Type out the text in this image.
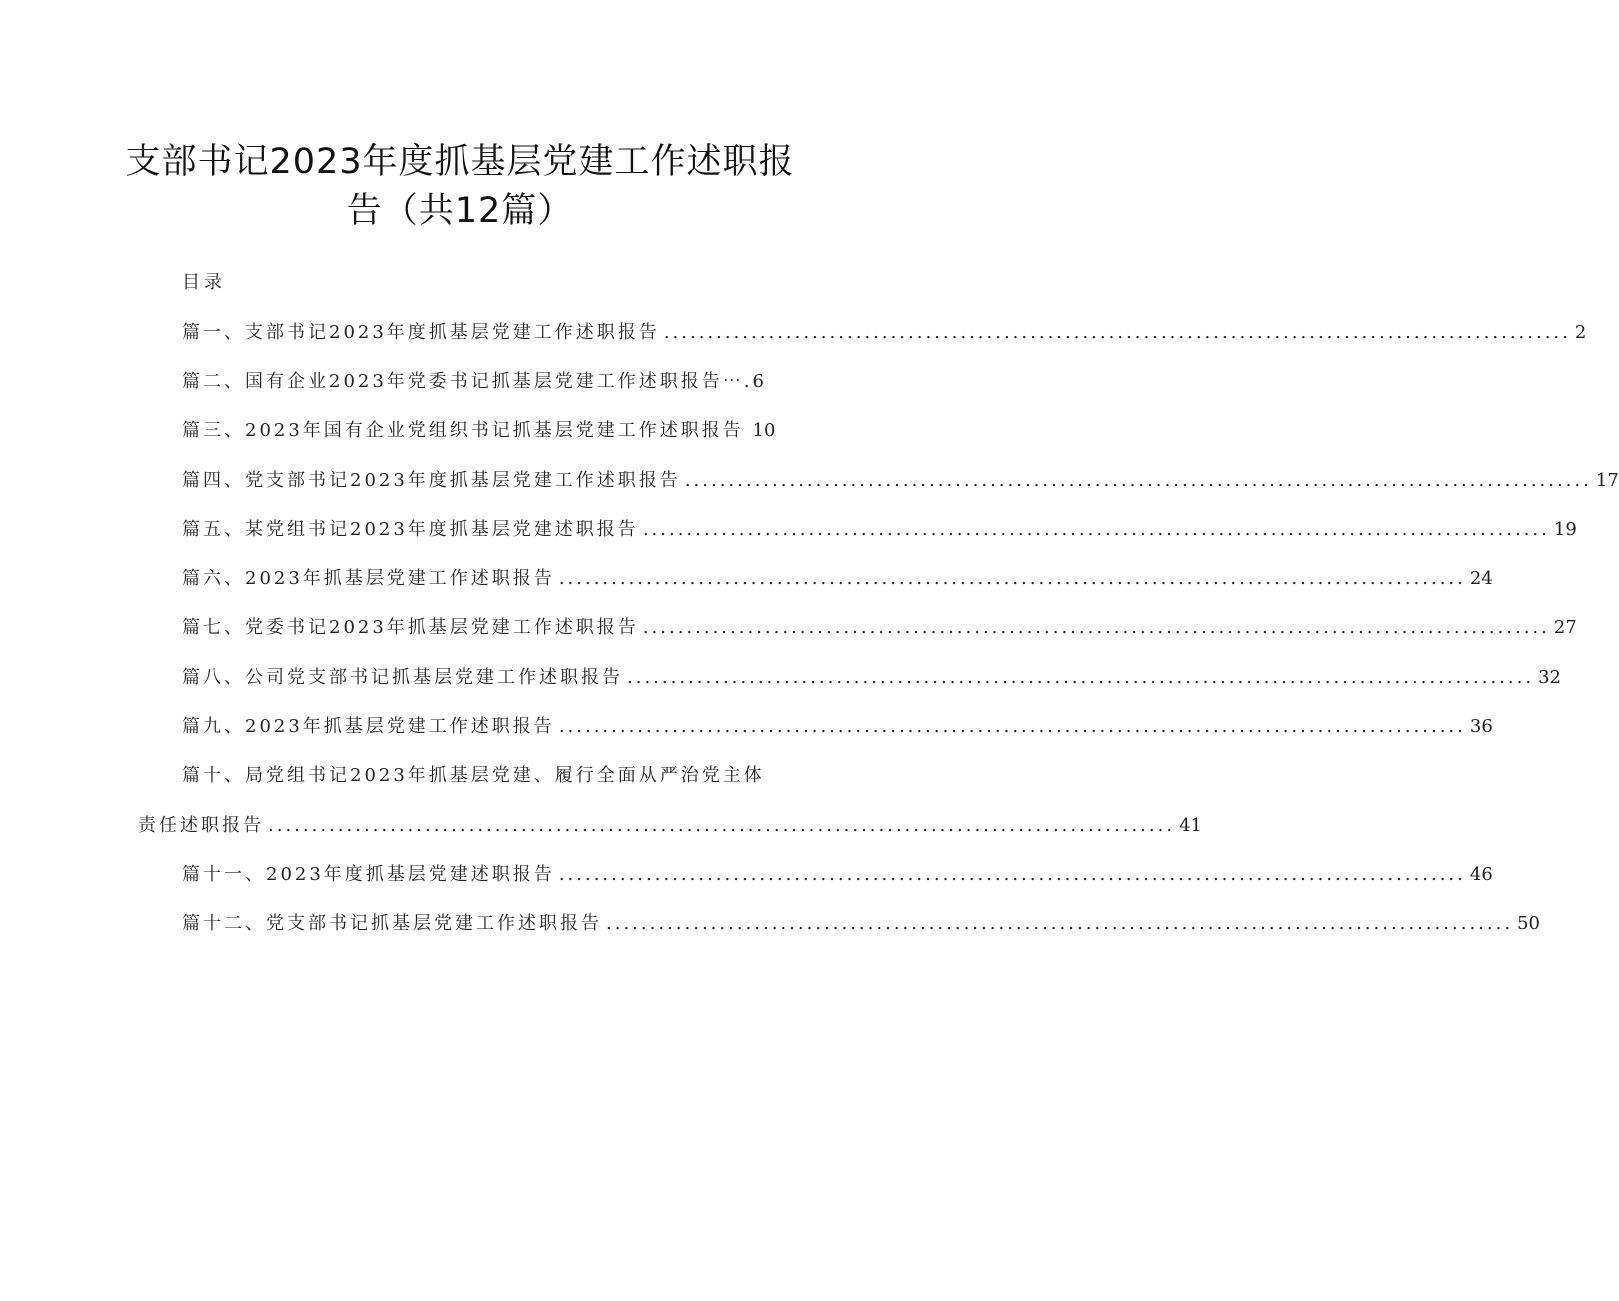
支部书记2023年度抓基层党建工作述职报
告（共12篇）
目录
篇一、支部书记2023年度抓基层党建工作述职报告 ........................................................................................................ 2
篇二、国有企业2023年党委书记抓基层党建工作述职报告⋯.6
篇三、2023年国有企业党组织书记抓基层党建工作述职报告 10
篇四、党支部书记2023年度抓基层党建工作述职报告 ........................................................................................................ 17
篇五、某党组书记2023年度抓基层党建述职报告 ........................................................................................................ 19
篇六、2023年抓基层党建工作述职报告 ........................................................................................................ 24
篇七、党委书记2023年抓基层党建工作述职报告 ........................................................................................................ 27
篇八、公司党支部书记抓基层党建工作述职报告 ........................................................................................................ 32
篇九、2023年抓基层党建工作述职报告 ........................................................................................................ 36
篇十、局党组书记2023年抓基层党建、履行全面从严治党主体
责任述职报告 ........................................................................................................ 41
篇十一、2023年度抓基层党建述职报告 ........................................................................................................ 46
篇十二、党支部书记抓基层党建工作述职报告 ........................................................................................................ 50
